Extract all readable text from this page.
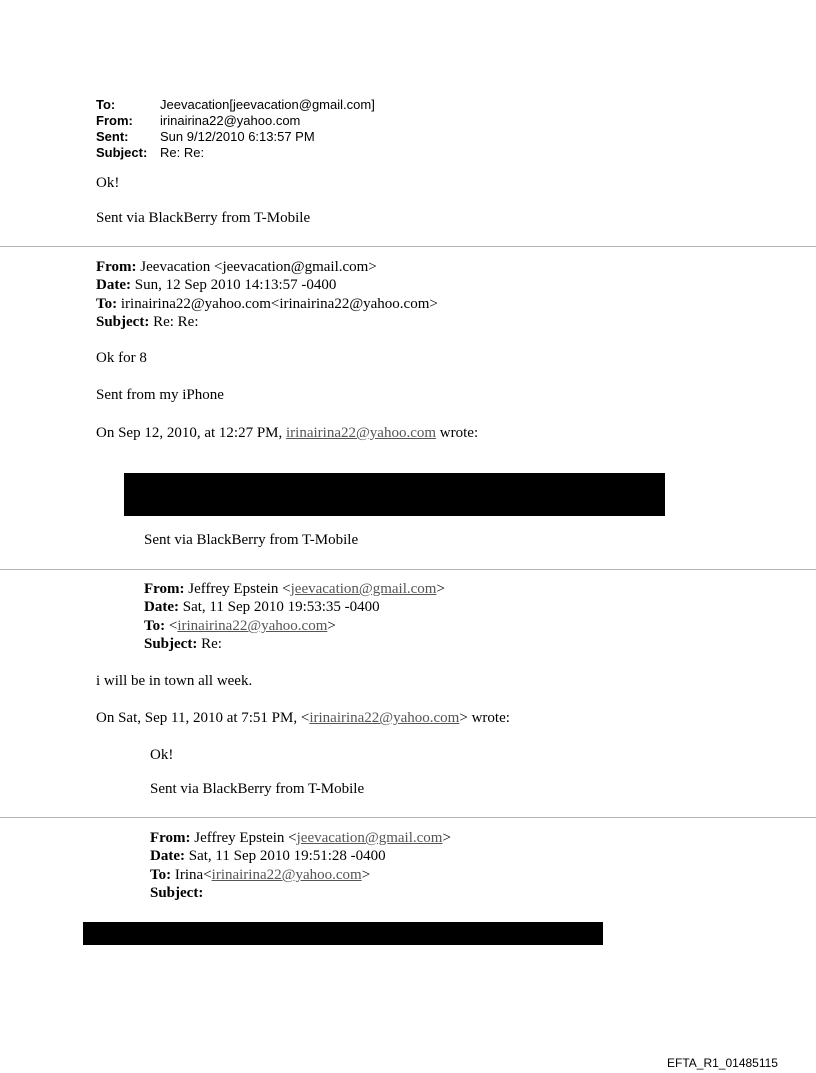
To:	Jeevacation[jeevacation@gmail.com]
From:	irinairina22@yahoo.com
Sent:	Sun 9/12/2010 6:13:57 PM
Subject: Re: Re:
Ok!
Sent via BlackBerry from T-Mobile
From: Jeevacation <jeevacation@gmail.com>
Date: Sun, 12 Sep 2010 14:13:57 -0400
To: irinairina22@yahoo.com<irinairina22@yahoo.com>
Subject: Re: Re:
Ok for 8
Sent from my iPhone
On Sep 12, 2010, at 12:27 PM, irinairina22@yahoo.com wrote:
Sent via BlackBerry from T-Mobile
From: Jeffrey Epstein <jeevacation@gmail.com>
Date: Sat, 11 Sep 2010 19:53:35 -0400
To: <irinairina22@yahoo.com>
Subject: Re:
i will be in town all week.
On Sat, Sep 11, 2010 at 7:51 PM, <irinairina22@yahoo.com> wrote:
Ok!
Sent via BlackBerry from T-Mobile
From: Jeffrey Epstein <jeevacation@gmail.com>
Date: Sat, 11 Sep 2010 19:51:28 -0400
To: Irina<irinairina22@yahoo.com>
Subject:
EFTA_R1_01485115
